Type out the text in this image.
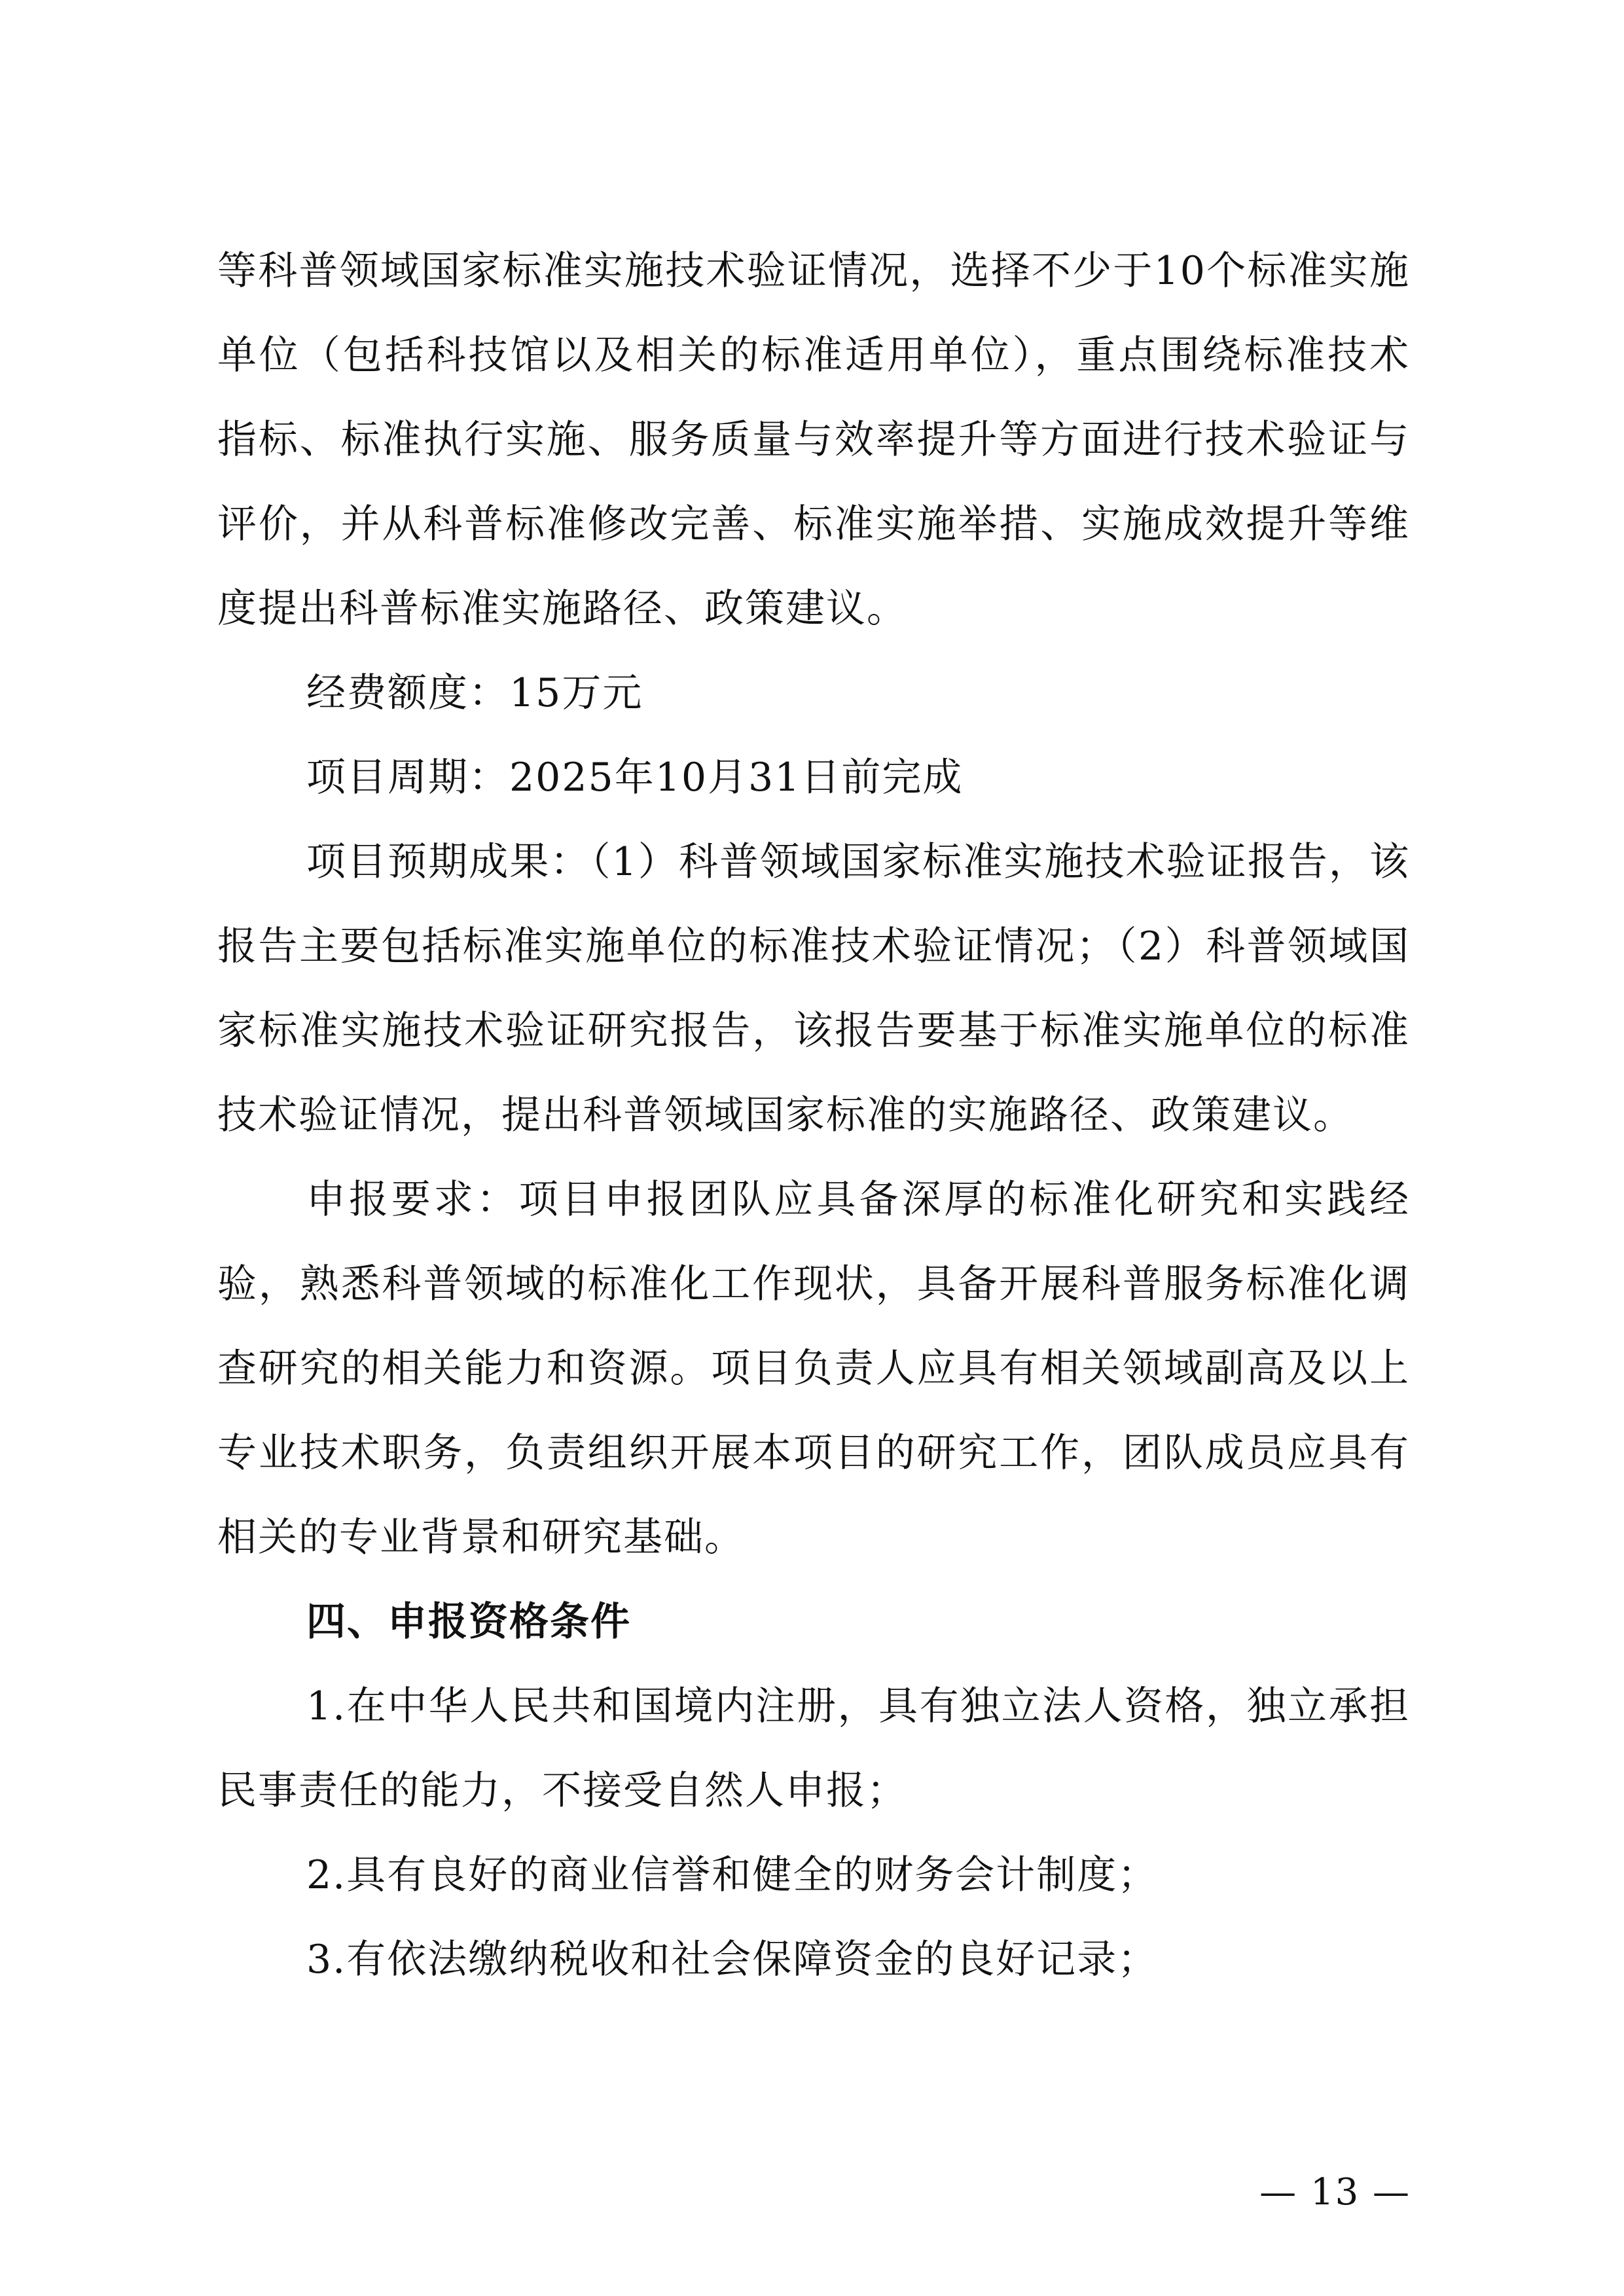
等科普领域国家标准实施技术验证情况，选择不少于10个标准实施单位（包括科技馆以及相关的标准适用单位），重点围绕标准技术指标、标准执行实施、服务质量与效率提升等方面进行技术验证与评价，并从科普标准修改完善、标准实施举措、实施成效提升等维度提出科普标准实施路径、政策建议。

经费额度：15万元

项目周期：2025年10月31日前完成

项目预期成果：（1）科普领域国家标准实施技术验证报告，该报告主要包括标准实施单位的标准技术验证情况；（2）科普领域国家标准实施技术验证研究报告，该报告要基于标准实施单位的标准技术验证情况，提出科普领域国家标准的实施路径、政策建议。

申报要求：项目申报团队应具备深厚的标准化研究和实践经验，熟悉科普领域的标准化工作现状，具备开展科普服务标准化调查研究的相关能力和资源。项目负责人应具有相关领域副高及以上专业技术职务，负责组织开展本项目的研究工作，团队成员应具有相关的专业背景和研究基础。

四、申报资格条件

1.在中华人民共和国境内注册，具有独立法人资格，独立承担民事责任的能力，不接受自然人申报；

2.具有良好的商业信誉和健全的财务会计制度；

3.有依法缴纳税收和社会保障资金的良好记录；

— 13 —
